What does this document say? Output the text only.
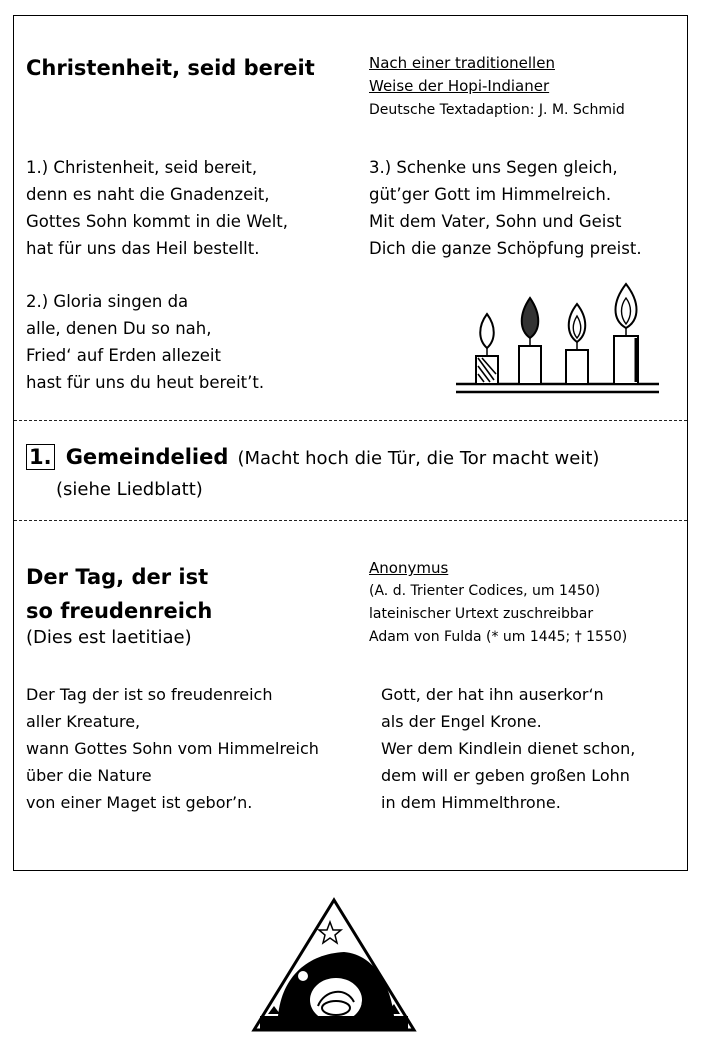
Christenheit, seid bereit	Nach einer traditionellen
Weise der Hopi-Indianer
Deutsche Textadaption: J. M. Schmid
1.) Christenheit, seid bereit,
denn es naht die Gnadenzeit,
Gottes Sohn kommt in die Welt,
hat für uns das Heil bestellt.
3.) Schenke uns Segen gleich,
güt’ger Gott im Himmelreich.
Mit dem Vater, Sohn und Geist
Dich die ganze Schöpfung preist.
2.) Gloria singen da
alle, denen Du so nah,
Fried‘ auf Erden allezeit
hast für uns du heut bereit’t.
1. Gemeindelied (Macht hoch die Tür, die Tor macht weit)
(siehe Liedblatt)
Der Tag, der ist
so freudenreich
(Dies est laetitiae)
Anonymus
(A. d. Trienter Codices, um 1450)
lateinischer Urtext zuschreibbar
Adam von Fulda (* um 1445; † 1550)
Der Tag der ist so freudenreich
aller Kreature,
wann Gottes Sohn vom Himmelreich
über die Nature
von einer Maget ist gebor’n.
Gott, der hat ihn auserkor‘n
als der Engel Krone.
Wer dem Kindlein dienet schon,
dem will er geben großen Lohn
in dem Himmelthrone.
